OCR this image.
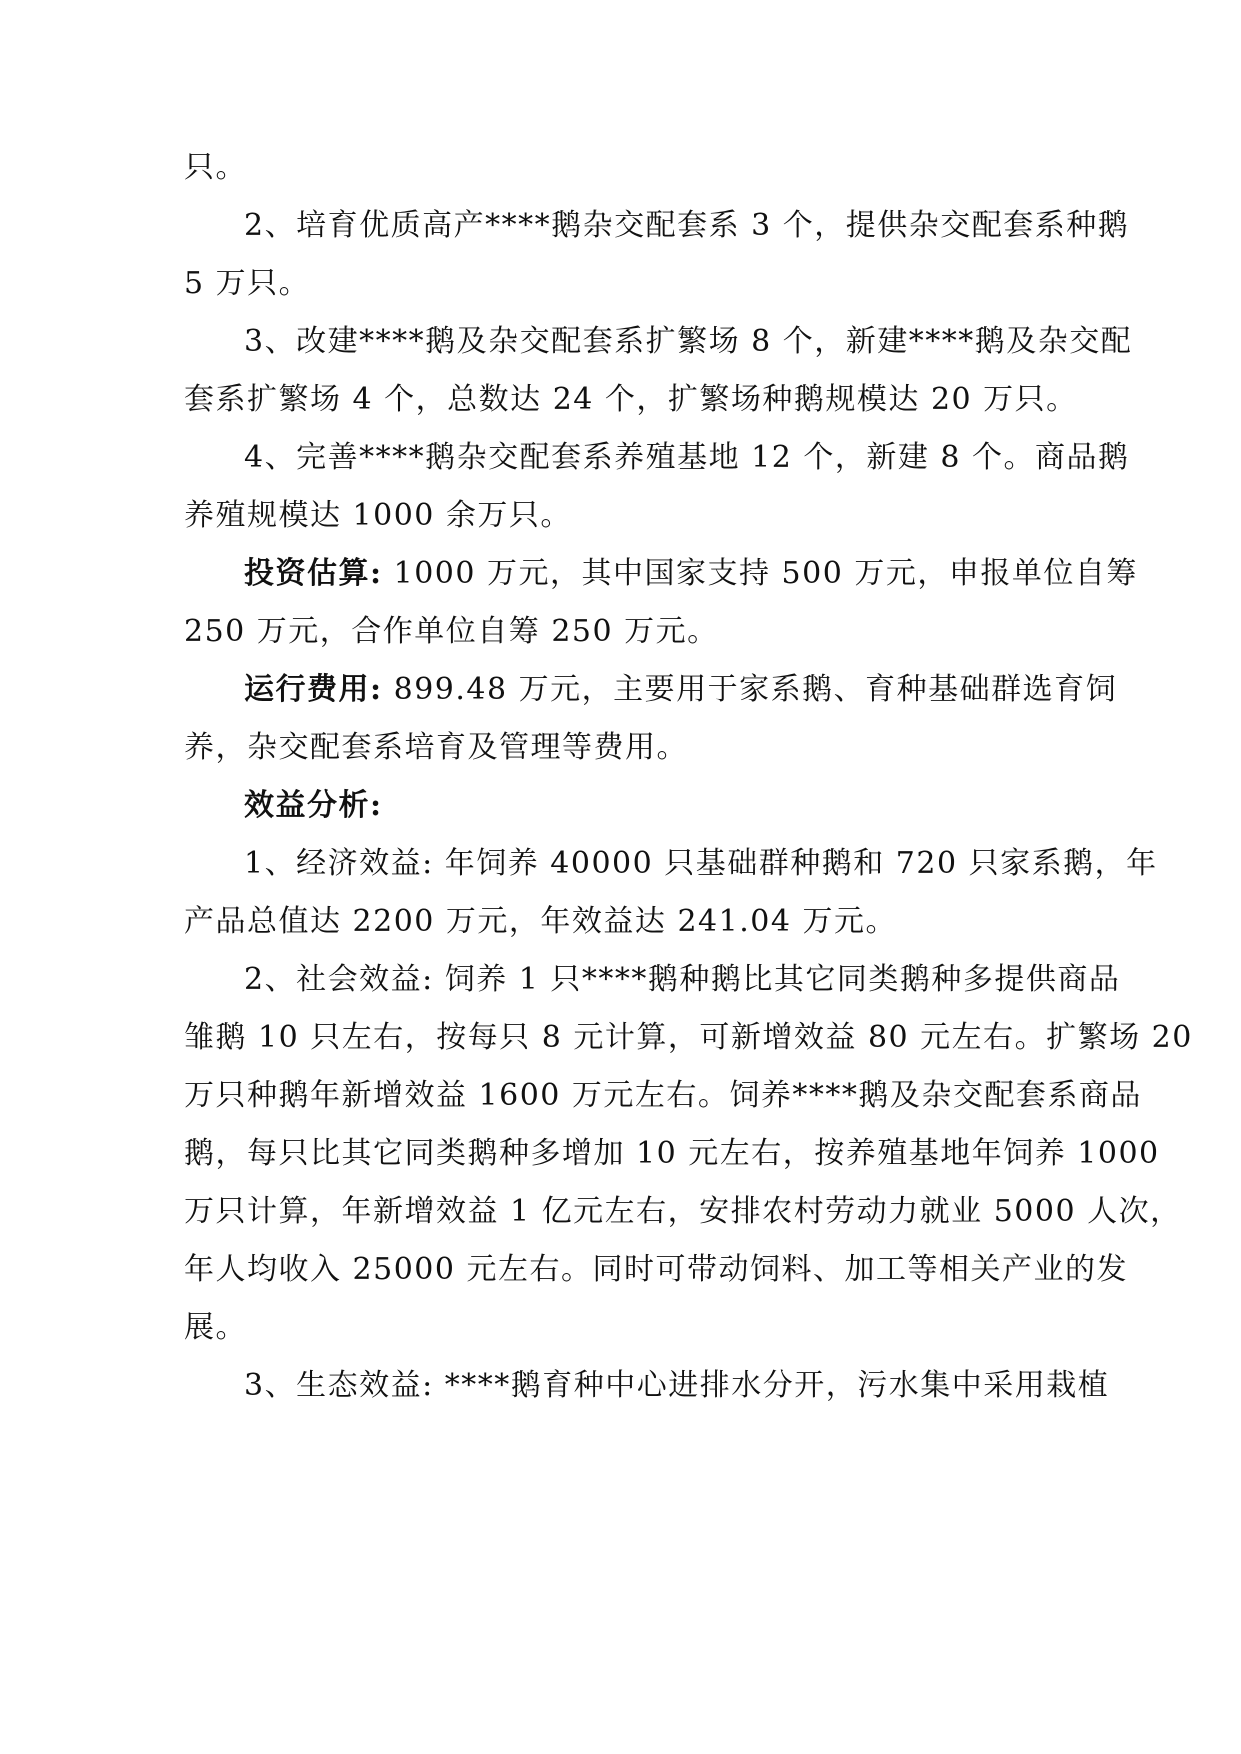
只。
2、培育优质高产****鹅杂交配套系 3 个，提供杂交配套系种鹅
5 万只。
3、改建****鹅及杂交配套系扩繁场 8 个，新建****鹅及杂交配
套系扩繁场 4 个，总数达 24 个，扩繁场种鹅规模达 20 万只。
4、完善****鹅杂交配套系养殖基地 12 个，新建 8 个。商品鹅
养殖规模达 1000 余万只。
投资估算: 1000 万元，其中国家支持 500 万元，申报单位自筹
250 万元，合作单位自筹 250 万元。
运行费用: 899.48 万元，主要用于家系鹅、育种基础群选育饲
养，杂交配套系培育及管理等费用。
效益分析:
1、经济效益: 年饲养 40000 只基础群种鹅和 720 只家系鹅，年
产品总值达 2200 万元，年效益达 241.04 万元。
2、社会效益: 饲养 1 只****鹅种鹅比其它同类鹅种多提供商品
雏鹅 10 只左右，按每只 8 元计算，可新增效益 80 元左右。扩繁场 20
万只种鹅年新增效益 1600 万元左右。饲养****鹅及杂交配套系商品
鹅，每只比其它同类鹅种多增加 10 元左右，按养殖基地年饲养 1000
万只计算，年新增效益 1 亿元左右，安排农村劳动力就业 5000 人次，
年人均收入 25000 元左右。同时可带动饲料、加工等相关产业的发
展。
3、生态效益: ****鹅育种中心进排水分开，污水集中采用栽植
